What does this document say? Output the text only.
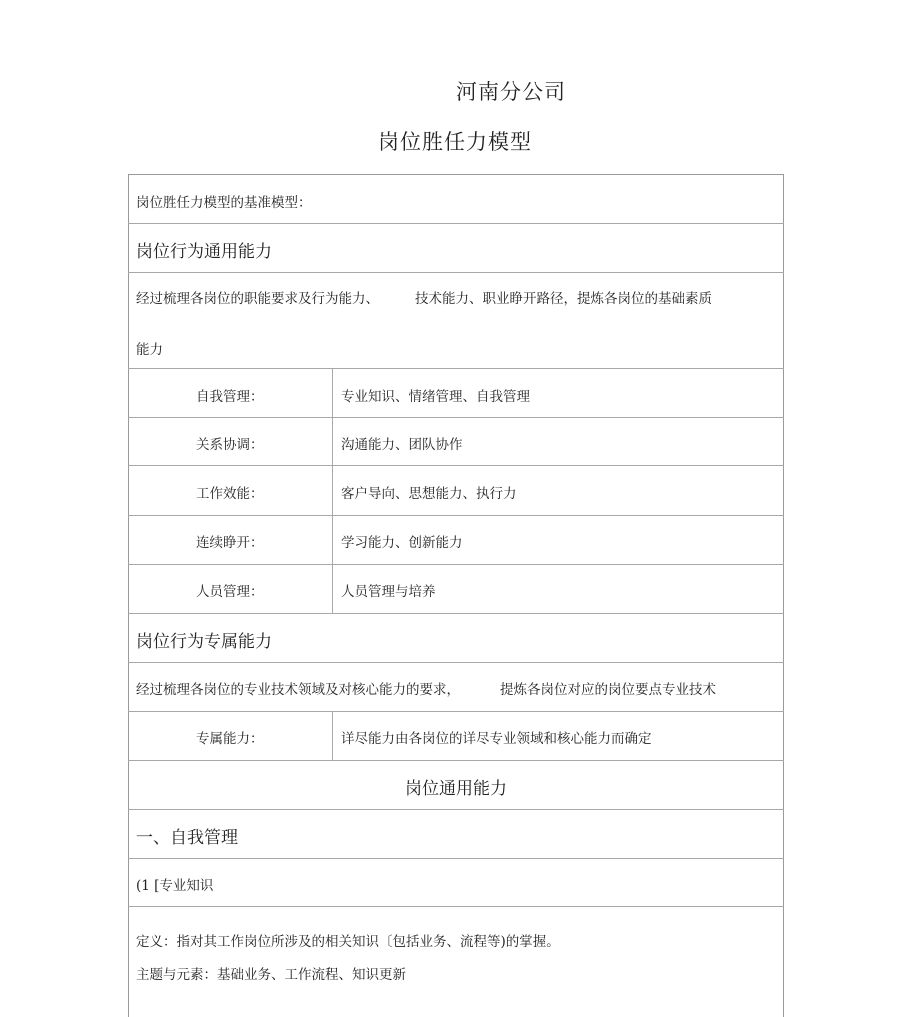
河南分公司
岗位胜任力模型
岗位胜任力模型的基准模型：
岗位行为通用能力
经过梳理各岗位的职能要求及行为能力、	技术能力、职业睁开路径，提炼各岗位的基础素质
能力
自我管理：	专业知识、情绪管理、自我管理
关系协调：	沟通能力、团队协作
工作效能：	客户导向、思想能力、执行力
连续睁开：	学习能力、创新能力
人员管理：	人员管理与培养
岗位行为专属能力
经过梳理各岗位的专业技术领域及对核心能力的要求，	提炼各岗位对应的岗位要点专业技术
专属能力：	详尽能力由各岗位的详尽专业领域和核心能力而确定
岗位通用能力
一、自我管理
(1 [专业知识
定义：指对其工作岗位所涉及的相关知识〔包括业务、流程等)的掌握。
主题与元素：基础业务、工作流程、知识更新
